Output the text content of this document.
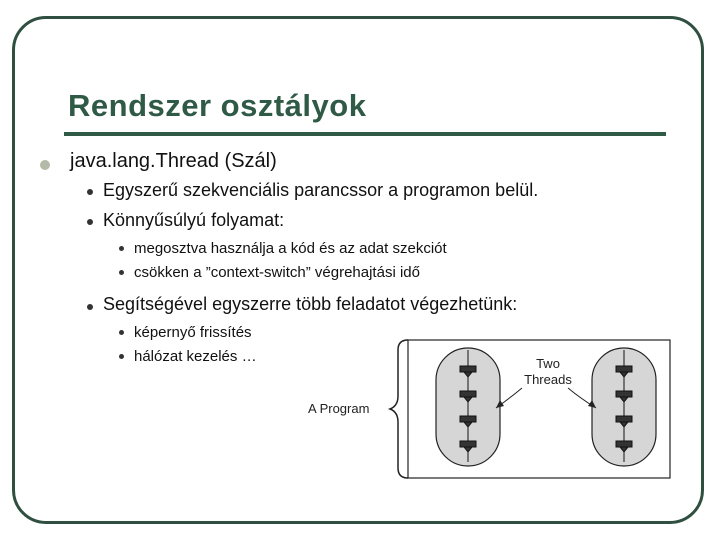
Rendszer osztályok
java.lang.Thread (Szál)
Egyszerű szekvenciális parancssor a programon belül.
Könnyűsúlyú folyamat:
megosztva használja a kód és az adat szekciót
csökken a ”context-switch” végrehajtási idő
Segítségével egyszerre több feladatot végezhetünk:
képernyő frissítés
hálózat kezelés …
A Program
Two
Threads
